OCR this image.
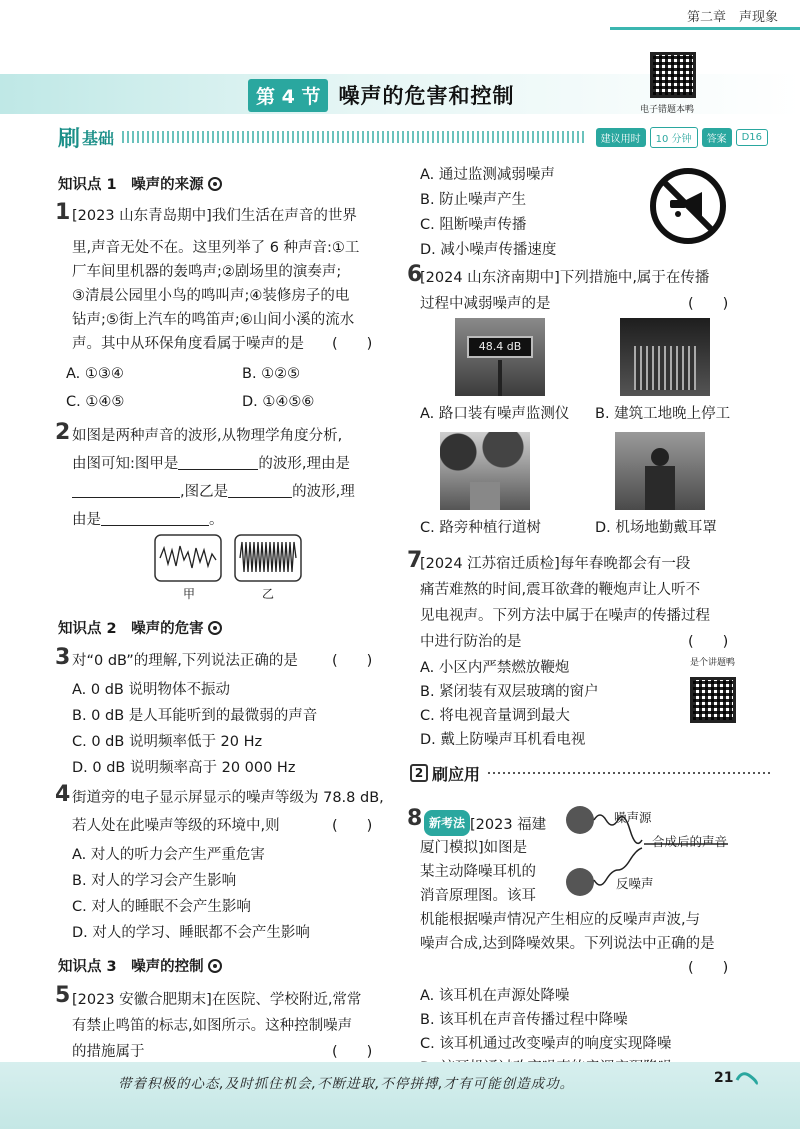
第二章　声现象
第 4 节 噪声的危害和控制
电子错题本鸭
刷 基础	建议用时	10 分钟	答案	D16
知识点 1　噪声的来源
1 [2023 山东青岛期中]我们生活在声音的世界
里,声音无处不在。这里列举了 6 种声音:①工
厂车间里机器的轰鸣声;②剧场里的演奏声;
③清晨公园里小鸟的鸣叫声;④装修房子的电
钻声;⑤街上汽车的鸣笛声;⑥山间小溪的流水
声。其中从环保角度看属于噪声的是 (　　)
A. ①③④	B. ①②⑤
C. ①④⑤	D. ①④⑤⑥
2 如图是两种声音的波形,从物理学角度分析,
由图可知:图甲是	的波形,理由是
,图乙是	的波形,理
由是	。
甲	乙
知识点 2　噪声的危害
3 对“0 dB”的理解,下列说法正确的是 (　　)
A. 0 dB 说明物体不振动
B. 0 dB 是人耳能听到的最微弱的声音
C. 0 dB 说明频率低于 20 Hz
D. 0 dB 说明频率高于 20 000 Hz
4 街道旁的电子显示屏显示的噪声等级为 78.8 dB,
若人处在此噪声等级的环境中,则	(　　)
A. 对人的听力会产生严重危害
B. 对人的学习会产生影响
C. 对人的睡眠不会产生影响
D. 对人的学习、睡眠都不会产生影响
知识点 3　噪声的控制
5 [2023 安徽合肥期末]在医院、学校附近,常常
有禁止鸣笛的标志,如图所示。这种控制噪声
的措施属于	(　　)
A. 通过监测减弱噪声
B. 防止噪声产生
C. 阻断噪声传播
D. 减小噪声传播速度
6
[2024 山东济南期中]下列措施中,属于在传播
过程中减弱噪声的是	(　　)
48.4 dB
A. 路口装有噪声监测仪 B. 建筑工地晚上停工
C. 路旁种植行道树	D. 机场地勤戴耳罩
7
[2024 江苏宿迁质检]每年春晚都会有一段
痛苦难熬的时间,震耳欲聋的鞭炮声让人听不
见电视声。下列方法中属于在噪声的传播过程
中进行防治的是	(　　)
A. 小区内严禁燃放鞭炮
B. 紧闭装有双层玻璃的窗户
C. 将电视音量调到最大
D. 戴上防噪声耳机看电视
是个讲题鸭
2 刷应用
8 新考法 [2023 福建
厦门模拟]如图是
某主动降噪耳机的
消音原理图。该耳
噪声源
合成后的声音
反噪声
机能根据噪声情况产生相应的反噪声声波,与
噪声合成,达到降噪效果。下列说法中正确的是
(　　)
A. 该耳机在声源处降噪
B. 该耳机在声音传播过程中降噪
C. 该耳机通过改变噪声的响度实现降噪
带着积极的心态,及时抓住机会,不断进取,不停拼搏,才有可能创造成功。	21
